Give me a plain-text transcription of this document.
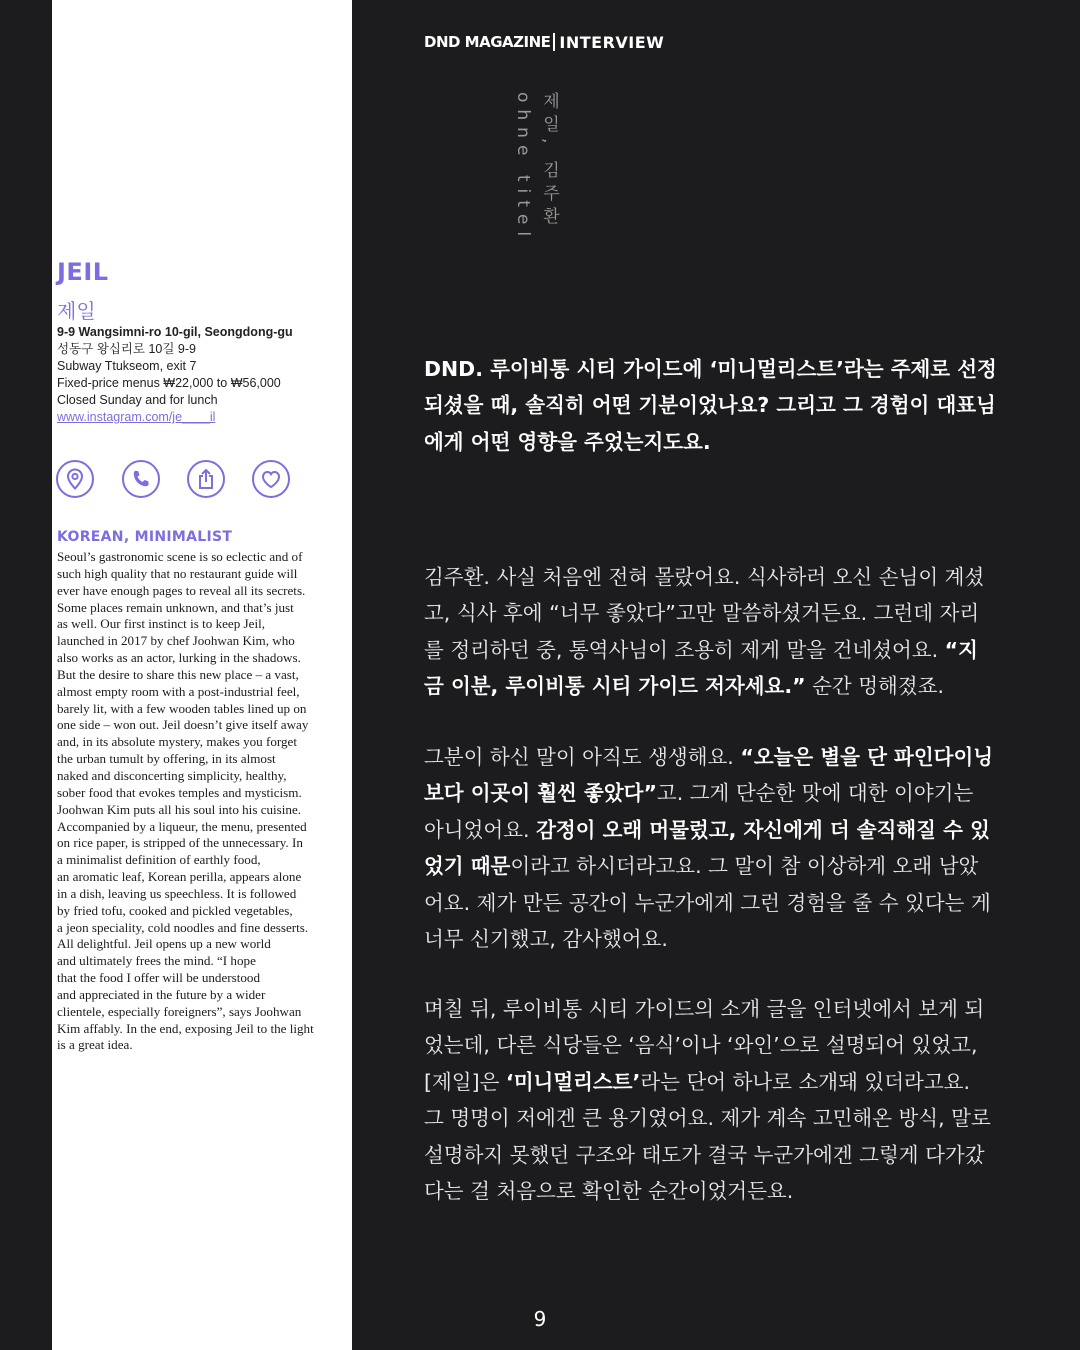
JEIL
제일
9-9 Wangsimni-ro 10-gil, Seongdong-gu
성동구 왕십리로 10길 9-9
Subway Ttukseom, exit 7
Fixed-price menus ₩22,000 to ₩56,000
Closed Sunday and for lunch
www.instagram.com/je____il
KOREAN, MINIMALIST
Seoul’s gastronomic scene is so eclectic and of
such high quality that no restaurant guide will
ever have enough pages to reveal all its secrets.
Some places remain unknown, and that’s just
as well. Our first instinct is to keep Jeil,
launched in 2017 by chef Joohwan Kim, who
also works as an actor, lurking in the shadows.
But the desire to share this new place – a vast,
almost empty room with a post-industrial feel,
barely lit, with a few wooden tables lined up on
one side – won out. Jeil doesn’t give itself away
and, in its absolute mystery, makes you forget
the urban tumult by offering, in its almost
naked and disconcerting simplicity, healthy,
sober food that evokes temples and mysticism.
Joohwan Kim puts all his soul into his cuisine.
Accompanied by a liqueur, the menu, presented
on rice paper, is stripped of the unnecessary. In
a minimalist definition of earthly food,
an aromatic leaf, Korean perilla, appears alone
in a dish, leaving us speechless. It is followed
by fried tofu, cooked and pickled vegetables,
a jeon speciality, cold noodles and fine desserts.
All delightful. Jeil opens up a new world
and ultimately frees the mind. “I hope
that the food I offer will be understood
and appreciated in the future by a wider
clientele, especially foreigners”, says Joohwan
Kim affably. In the end, exposing Jeil to the light
is a great idea.
DND MAGAZINE INTERVIEW
제일, 김주환
ohne titel
DND. 루이비통 시티 가이드에 ‘미니멀리스트’라는 주제로 선정
되셨을 때, 솔직히 어떤 기분이었나요? 그리고 그 경험이 대표님
에게 어떤 영향을 주었는지도요.
김주환. 사실 처음엔 전혀 몰랐어요. 식사하러 오신 손님이 계셨
고, 식사 후에 “너무 좋았다”고만 말씀하셨거든요. 그런데 자리
를 정리하던 중, 통역사님이 조용히 제게 말을 건네셨어요. “지
금 이분, 루이비통 시티 가이드 저자세요.” 순간 멍해졌죠.
그분이 하신 말이 아직도 생생해요. “오늘은 별을 단 파인다이닝
보다 이곳이 훨씬 좋았다”고. 그게 단순한 맛에 대한 이야기는
아니었어요. 감정이 오래 머물렀고, 자신에게 더 솔직해질 수 있
었기 때문이라고 하시더라고요. 그 말이 참 이상하게 오래 남았
어요. 제가 만든 공간이 누군가에게 그런 경험을 줄 수 있다는 게
너무 신기했고, 감사했어요.
며칠 뒤, 루이비통 시티 가이드의 소개 글을 인터넷에서 보게 되
었는데, 다른 식당들은 ‘음식’이나 ‘와인’으로 설명되어 있었고,
[제일]은 ‘미니멀리스트’라는 단어 하나로 소개돼 있더라고요.
그 명명이 저에겐 큰 용기였어요. 제가 계속 고민해온 방식, 말로
설명하지 못했던 구조와 태도가 결국 누군가에겐 그렇게 다가갔
다는 걸 처음으로 확인한 순간이었거든요.
9
